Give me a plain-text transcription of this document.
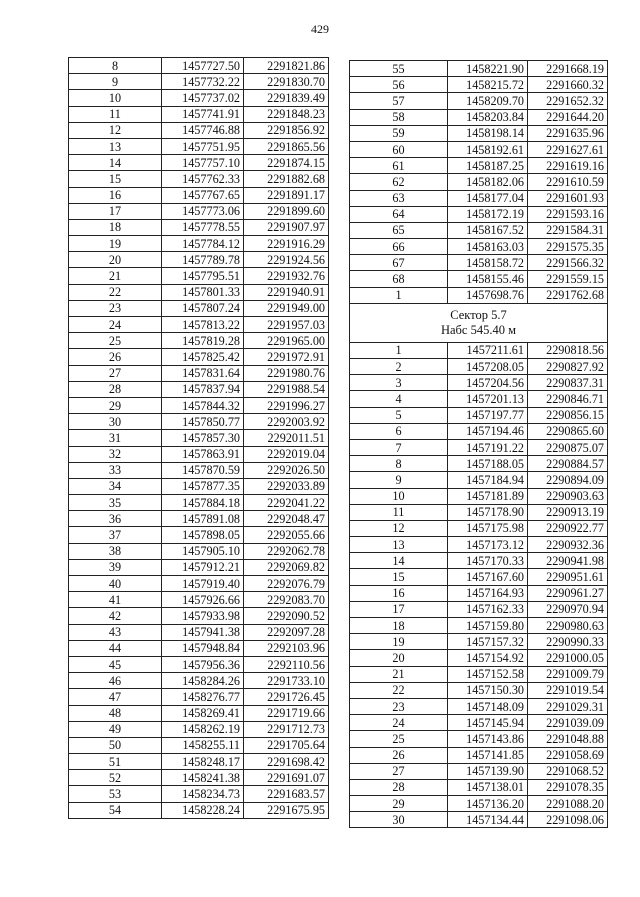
429
8	1457727.50	2291821.86
9	1457732.22	2291830.70
10	1457737.02	2291839.49
11	1457741.91	2291848.23
12	1457746.88	2291856.92
13	1457751.95	2291865.56
14	1457757.10	2291874.15
15	1457762.33	2291882.68
16	1457767.65	2291891.17
17	1457773.06	2291899.60
18	1457778.55	2291907.97
19	1457784.12	2291916.29
20	1457789.78	2291924.56
21	1457795.51	2291932.76
22	1457801.33	2291940.91
23	1457807.24	2291949.00
24	1457813.22	2291957.03
25	1457819.28	2291965.00
26	1457825.42	2291972.91
27	1457831.64	2291980.76
28	1457837.94	2291988.54
29	1457844.32	2291996.27
30	1457850.77	2292003.92
31	1457857.30	2292011.51
32	1457863.91	2292019.04
33	1457870.59	2292026.50
34	1457877.35	2292033.89
35	1457884.18	2292041.22
36	1457891.08	2292048.47
37	1457898.05	2292055.66
38	1457905.10	2292062.78
39	1457912.21	2292069.82
40	1457919.40	2292076.79
41	1457926.66	2292083.70
42	1457933.98	2292090.52
43	1457941.38	2292097.28
44	1457948.84	2292103.96
45	1457956.36	2292110.56
46	1458284.26	2291733.10
47	1458276.77	2291726.45
48	1458269.41	2291719.66
49	1458262.19	2291712.73
50	1458255.11	2291705.64
51	1458248.17	2291698.42
52	1458241.38	2291691.07
53	1458234.73	2291683.57
54	1458228.24	2291675.95
55	1458221.90	2291668.19
56	1458215.72	2291660.32
57	1458209.70	2291652.32
58	1458203.84	2291644.20
59	1458198.14	2291635.96
60	1458192.61	2291627.61
61	1458187.25	2291619.16
62	1458182.06	2291610.59
63	1458177.04	2291601.93
64	1458172.19	2291593.16
65	1458167.52	2291584.31
66	1458163.03	2291575.35
67	1458158.72	2291566.32
68	1458155.46	2291559.15
1	1457698.76	2291762.68

Сектор 5.7
Набс 545.40 м		

1	1457211.61	2290818.56
2	1457208.05	2290827.92
3	1457204.56	2290837.31
4	1457201.13	2290846.71
5	1457197.77	2290856.15
6	1457194.46	2290865.60
7	1457191.22	2290875.07
8	1457188.05	2290884.57
9	1457184.94	2290894.09
10	1457181.89	2290903.63
11	1457178.90	2290913.19
12	1457175.98	2290922.77
13	1457173.12	2290932.36
14	1457170.33	2290941.98
15	1457167.60	2290951.61
16	1457164.93	2290961.27
17	1457162.33	2290970.94
18	1457159.80	2290980.63
19	1457157.32	2290990.33
20	1457154.92	2291000.05
21	1457152.58	2291009.79
22	1457150.30	2291019.54
23	1457148.09	2291029.31
24	1457145.94	2291039.09
25	1457143.86	2291048.88
26	1457141.85	2291058.69
27	1457139.90	2291068.52
28	1457138.01	2291078.35
29	1457136.20	2291088.20
30	1457134.44	2291098.06
